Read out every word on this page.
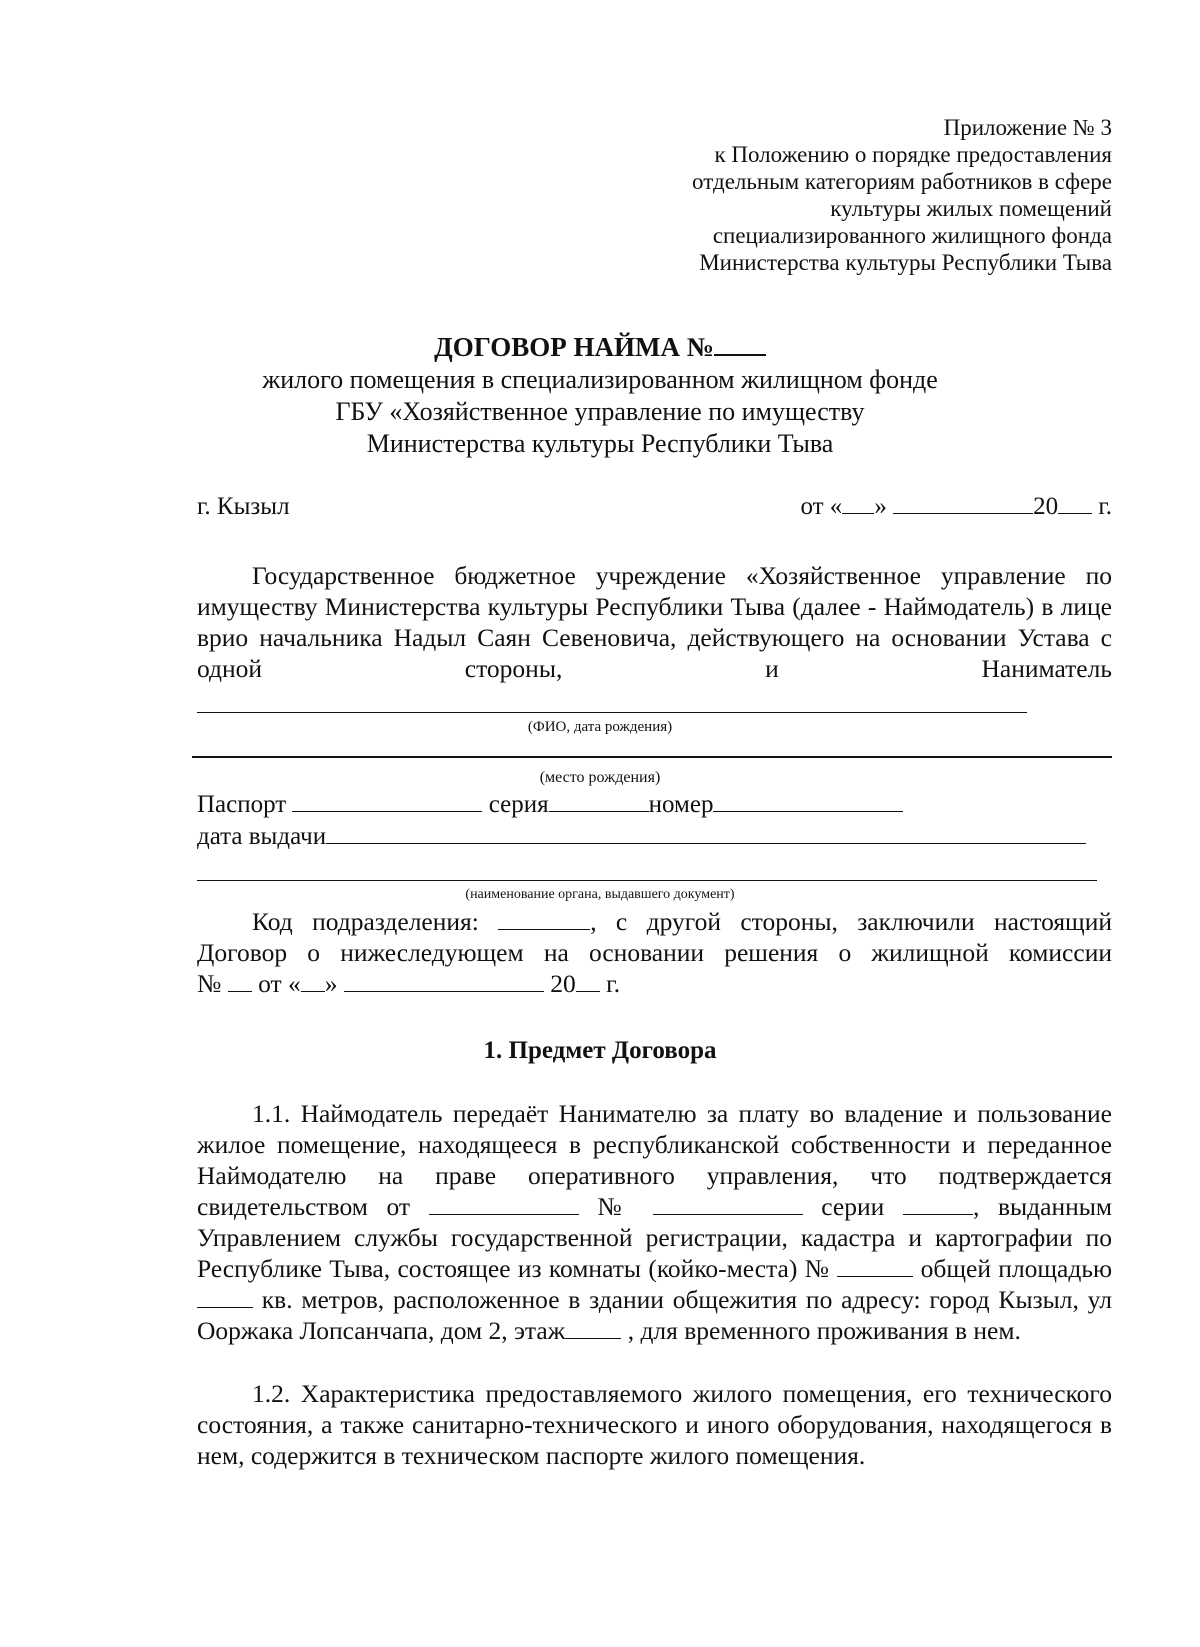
Приложение № 3
к Положению о порядке предоставления
отдельным категориям работников в сфере
культуры жилых помещений
специализированного жилищного фонда
Министерства культуры Республики Тыва
ДОГОВОР НАЙМА №
жилого помещения в специализированном жилищном фонде
ГБУ «Хозяйственное управление по имуществу
Министерства культуры Республики Тыва
г. Кызыл	от « »	20 г.
Государственное бюджетное учреждение «Хозяйственное управление по имуществу Министерства культуры Республики Тыва (далее - Наймодатель) в лице врио начальника Надыл Саян Севеновича, действующего на основании Устава с одной стороны, и Наниматель
(ФИО, дата рождения)
(место рождения)
Паспорт	серия	номер
дата выдачи
(наименование органа, выдавшего документ)
Код подразделения:	, с другой стороны, заключили настоящий
Договор о нижеследующем на основании решения о жилищной комиссии
№ от « »	20 г.
1. Предмет Договора
1.1. Наймодатель передаёт Нанимателю за плату во владение и пользование жилое помещение, находящееся в республиканской собственности и переданное Наймодателю на праве оперативного управления, что подтверждается свидетельством от	№	серии	, выданным Управлением службы государственной регистрации, кадастра и картографии по Республике Тыва, состоящее из комнаты (койко-места) №	общей площадью  кв. метров, расположенное в здании общежития по адресу: город Кызыл, ул Ооржака Лопсанчапа, дом 2, этаж , для временного проживания в нем.
1.2. Характеристика предоставляемого жилого помещения, его технического состояния, а также санитарно-технического и иного оборудования, находящегося в нем, содержится в техническом паспорте жилого помещения.
